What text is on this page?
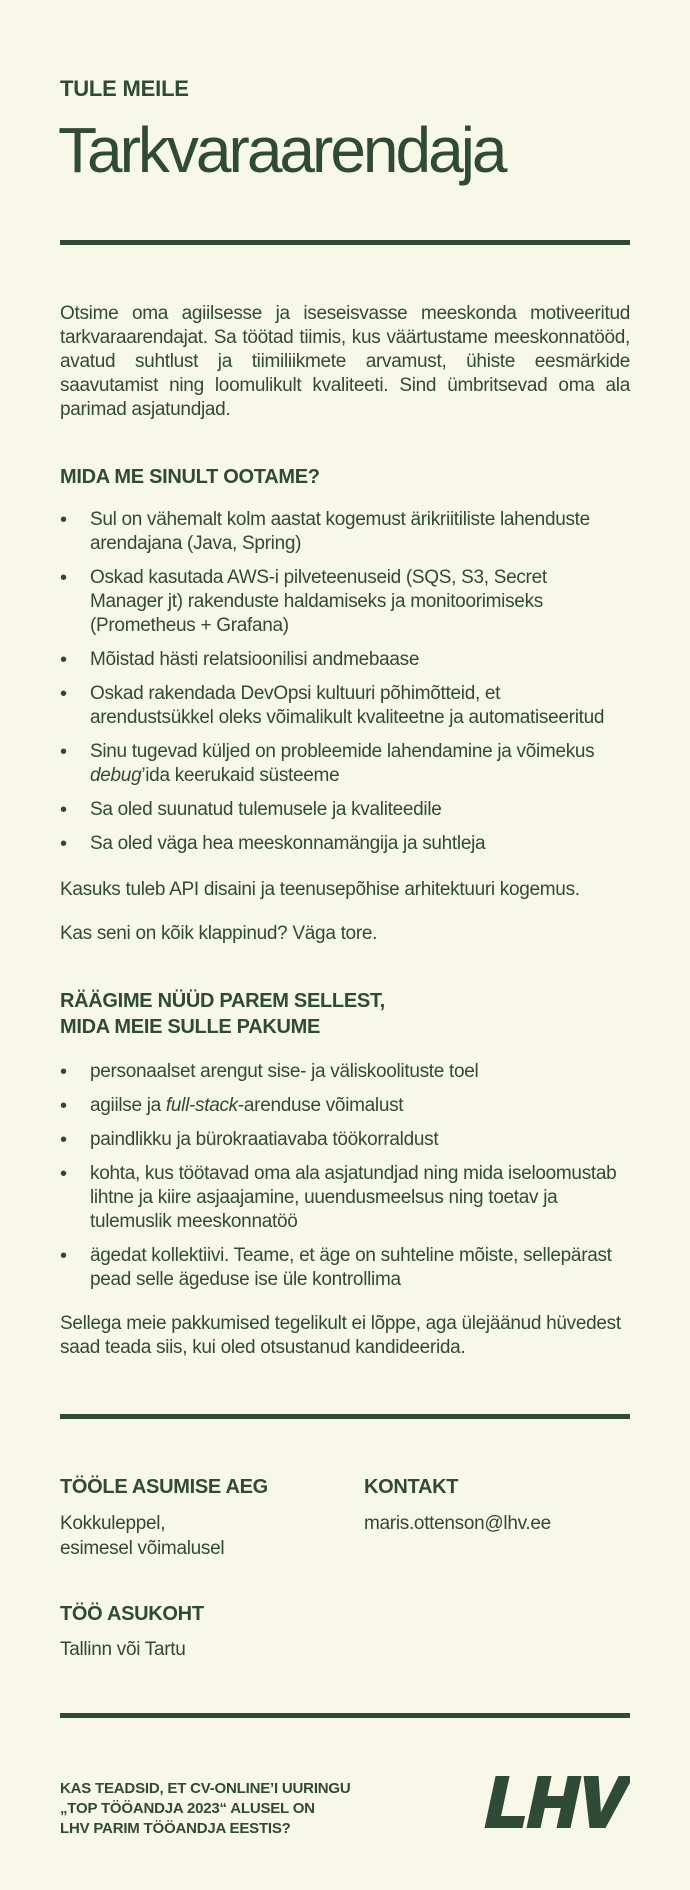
TULE MEILE
Tarkvaraarendaja
Otsime oma agiilsesse ja iseseisvasse meeskonda motiveeritud tarkvaraarendajat. Sa töötad tiimis, kus väärtustame meeskonnatööd, avatud suhtlust ja tiimiliikmete arvamust, ühiste eesmärkide saavutamist ning loomulikult kvaliteeti. Sind ümbritsevad oma ala parimad asjatundjad.
MIDA ME SINULT OOTAME?
• Sul on vähemalt kolm aastat kogemust ärikriitiliste lahenduste arendajana (Java, Spring)
• Oskad kasutada AWS-i pilveteenuseid (SQS, S3, Secret Manager jt) rakenduste haldamiseks ja monitoorimiseks (Prometheus + Grafana)
• Mõistad hästi relatsioonilisi andmebaase
• Oskad rakendada DevOpsi kultuuri põhimõtteid, et arendustsükkel oleks võimalikult kvaliteetne ja automatiseeritud
• Sinu tugevad küljed on probleemide lahendamine ja võimekus debug’ida keerukaid süsteeme
• Sa oled suunatud tulemusele ja kvaliteedile
• Sa oled väga hea meeskonnamängija ja suhtleja
Kasuks tuleb API disaini ja teenusepõhise arhitektuuri kogemus.
Kas seni on kõik klappinud? Väga tore.
RÄÄGIME NÜÜD PAREM SELLEST,
MIDA MEIE SULLE PAKUME
• personaalset arengut sise- ja väliskoolituste toel
• agiilse ja full-stack-arenduse võimalust
• paindlikku ja bürokraatiavaba töökorraldust
• kohta, kus töötavad oma ala asjatundjad ning mida iseloomustab lihtne ja kiire asjaajamine, uuendusmeelsus ning toetav ja tulemuslik meeskonnatöö
• ägedat kollektiivi. Teame, et äge on suhteline mõiste, sellepärast pead selle ägeduse ise üle kontrollima
Sellega meie pakkumised tegelikult ei lõppe, aga ülejäänud hüvedest saad teada siis, kui oled otsustanud kandideerida.
TÖÖLE ASUMISE AEG
Kokkuleppel,
esimesel võimalusel
KONTAKT
maris.ottenson@lhv.ee
TÖÖ ASUKOHT
Tallinn või Tartu
KAS TEADSID, ET CV-ONLINE’I UURINGU
„TOP TÖÖANDJA 2023“ ALUSEL ON
LHV PARIM TÖÖANDJA EESTIS?
